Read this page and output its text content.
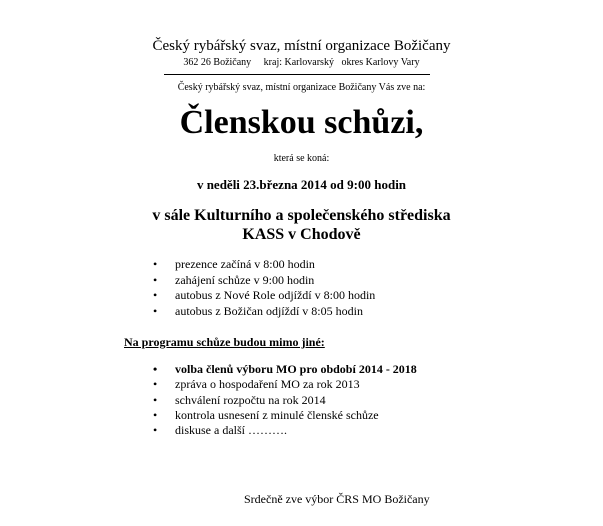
Český rybářský svaz, místní organizace Božičany
362 26 Božičany     kraj: Karlovarský   okres Karlovy Vary
Český rybářský svaz, místní organizace Božičany Vás zve na:
Členskou schůzi,
která se koná:
v neděli 23.března 2014 od 9:00 hodin
v sále Kulturního a společenského střediska
KASS v Chodově
• prezence začíná v 8:00 hodin
• zahájení schůze v 9:00 hodin
• autobus z Nové Role odjíždí v 8:00 hodin
• autobus z Božičan odjíždí v 8:05 hodin
Na programu schůze budou mimo jiné:
• volba členů výboru MO pro období 2014 - 2018
• zpráva o hospodaření MO za rok 2013
• schválení rozpočtu na rok 2014
• kontrola usnesení z minulé členské schůze
• diskuse a další ……….
Srdečně zve výbor ČRS MO Božičany
